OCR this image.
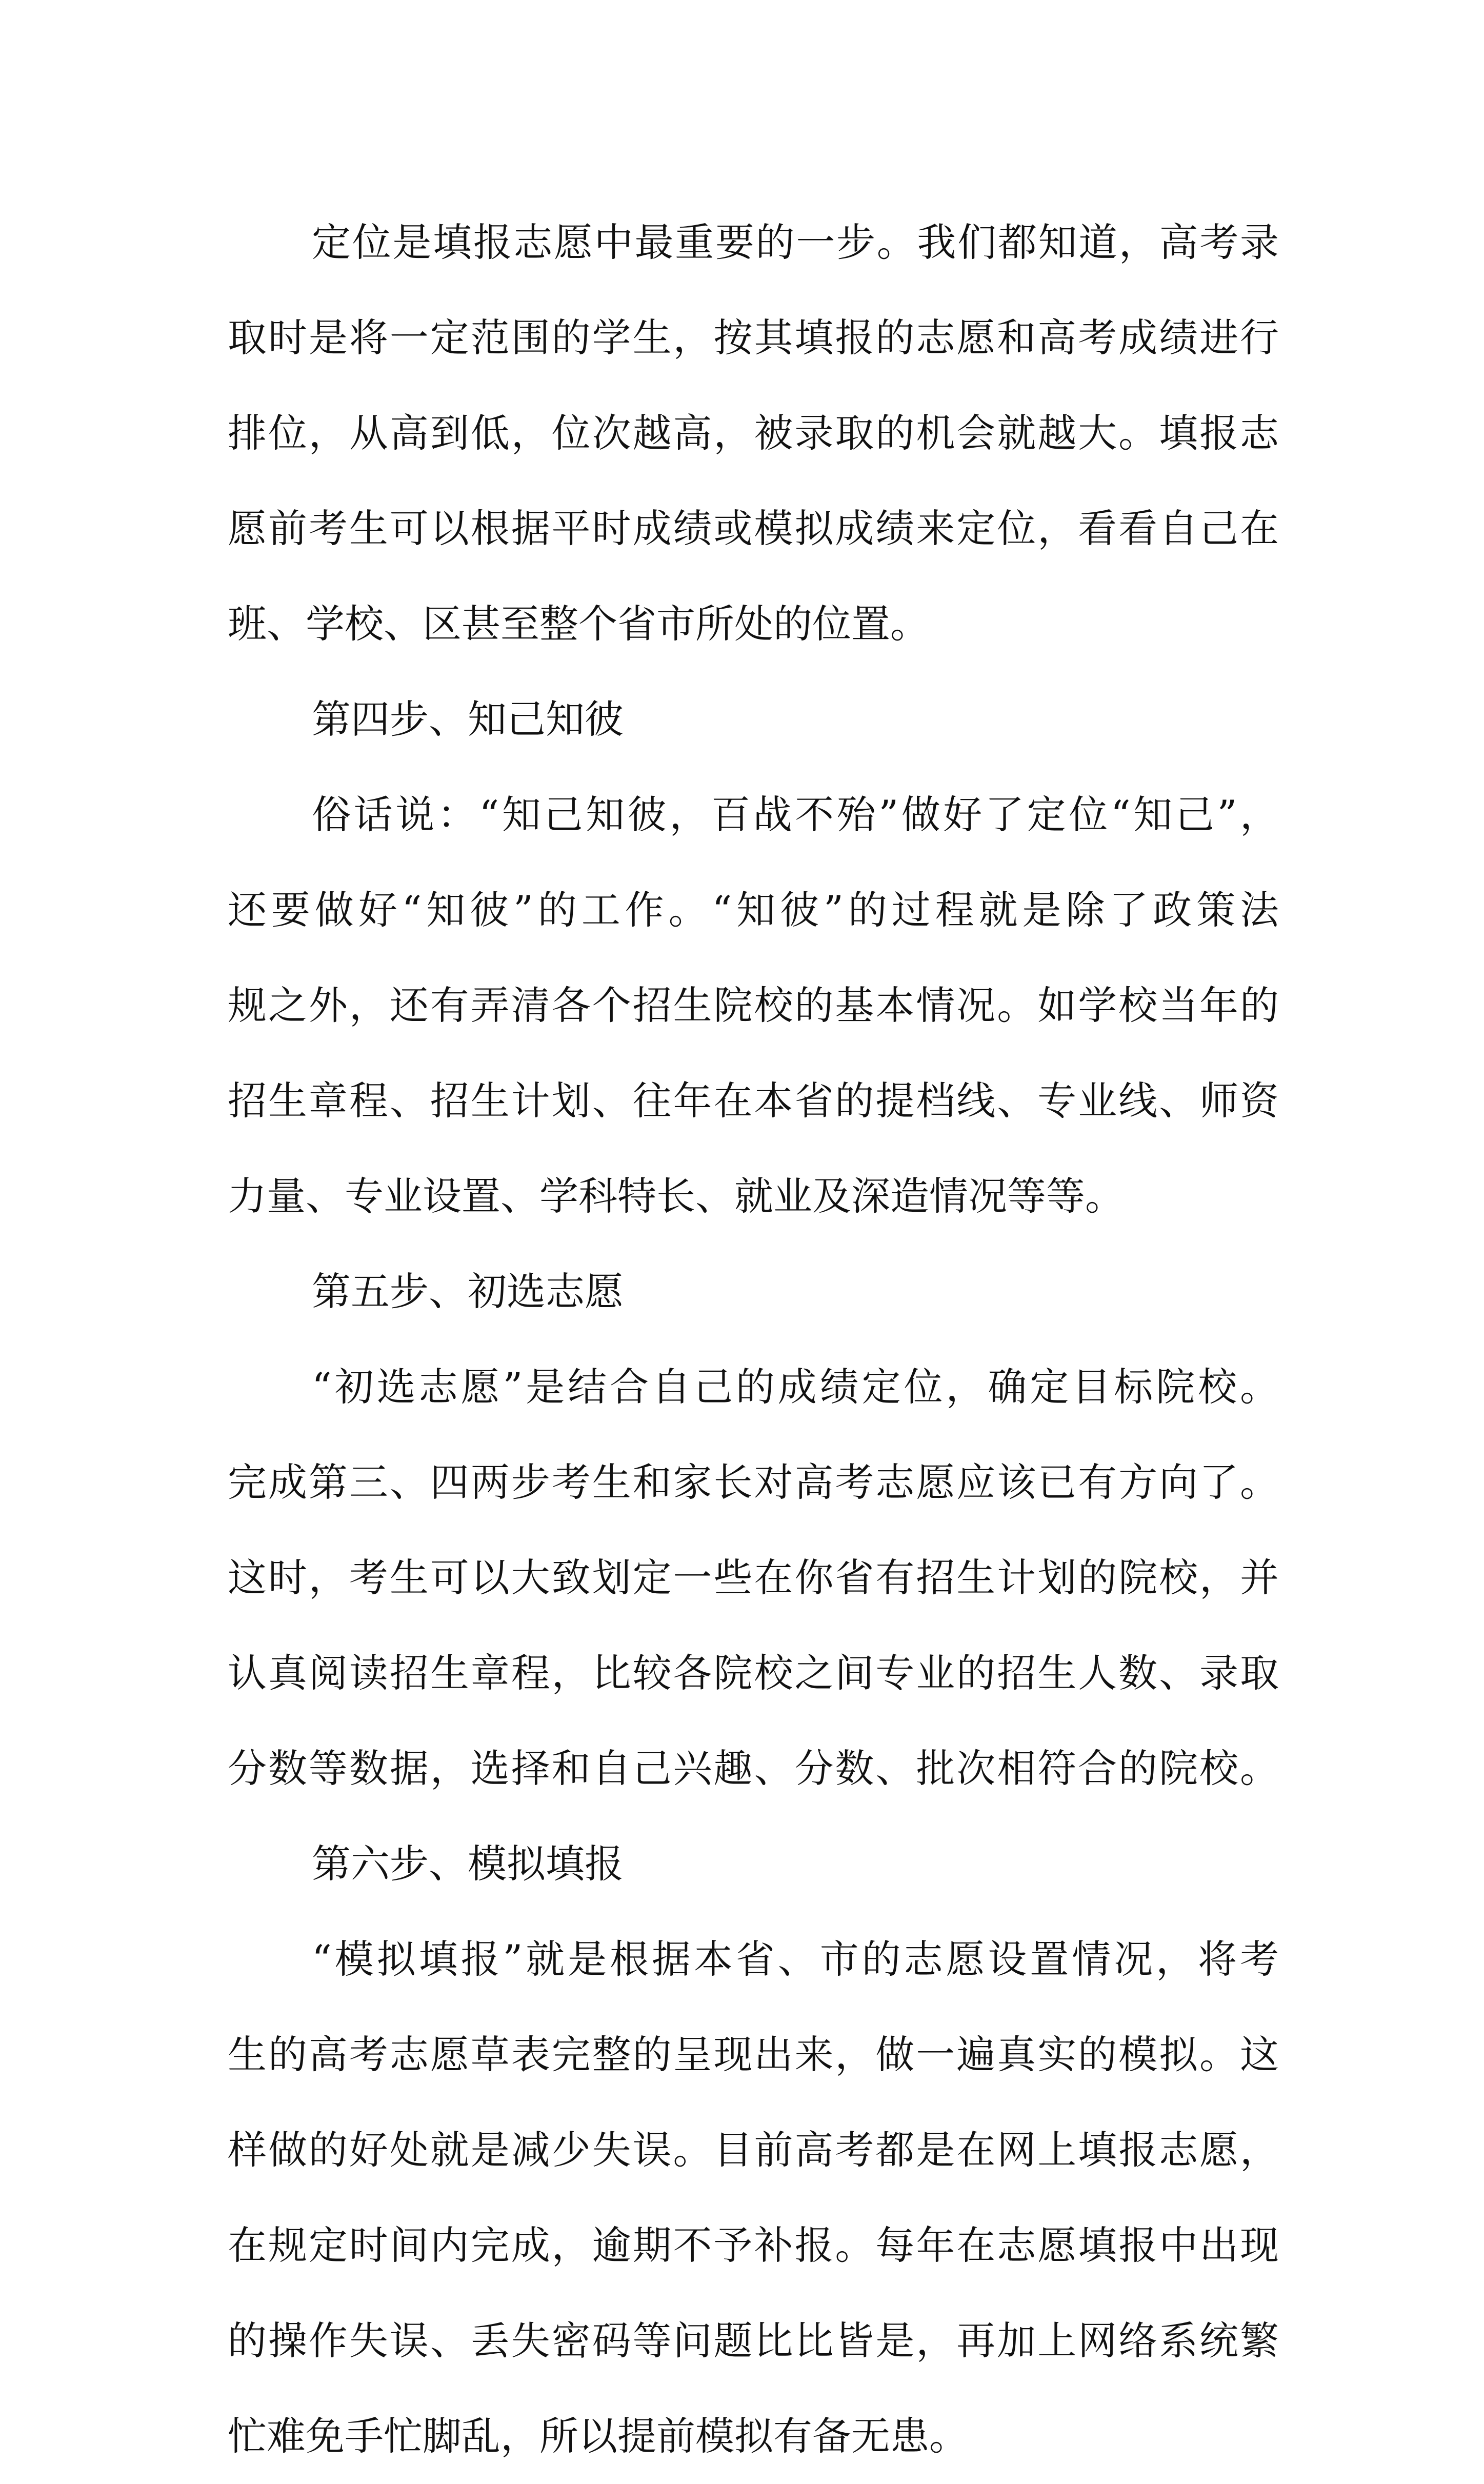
定位是填报志愿中最重要的一步。我们都知道，高考录
取时是将一定范围的学生，按其填报的志愿和高考成绩进行
排位，从高到低，位次越高，被录取的机会就越大。填报志
愿前考生可以根据平时成绩或模拟成绩来定位，看看自己在
班、学校、区甚至整个省市所处的位置。
第四步、知己知彼
俗话说：“知己知彼，百战不殆”做好了定位“知己”，
还要做好“知彼”的工作。“知彼”的过程就是除了政策法
规之外，还有弄清各个招生院校的基本情况。如学校当年的
招生章程、招生计划、往年在本省的提档线、专业线、师资
力量、专业设置、学科特长、就业及深造情况等等。
第五步、初选志愿
“初选志愿”是结合自己的成绩定位，确定目标院校。
完成第三、四两步考生和家长对高考志愿应该已有方向了。
这时，考生可以大致划定一些在你省有招生计划的院校，并
认真阅读招生章程，比较各院校之间专业的招生人数、录取
分数等数据，选择和自己兴趣、分数、批次相符合的院校。
第六步、模拟填报
“模拟填报”就是根据本省、市的志愿设置情况，将考
生的高考志愿草表完整的呈现出来，做一遍真实的模拟。这
样做的好处就是减少失误。目前高考都是在网上填报志愿，
在规定时间内完成，逾期不予补报。每年在志愿填报中出现
的操作失误、丢失密码等问题比比皆是，再加上网络系统繁
忙难免手忙脚乱，所以提前模拟有备无患。
